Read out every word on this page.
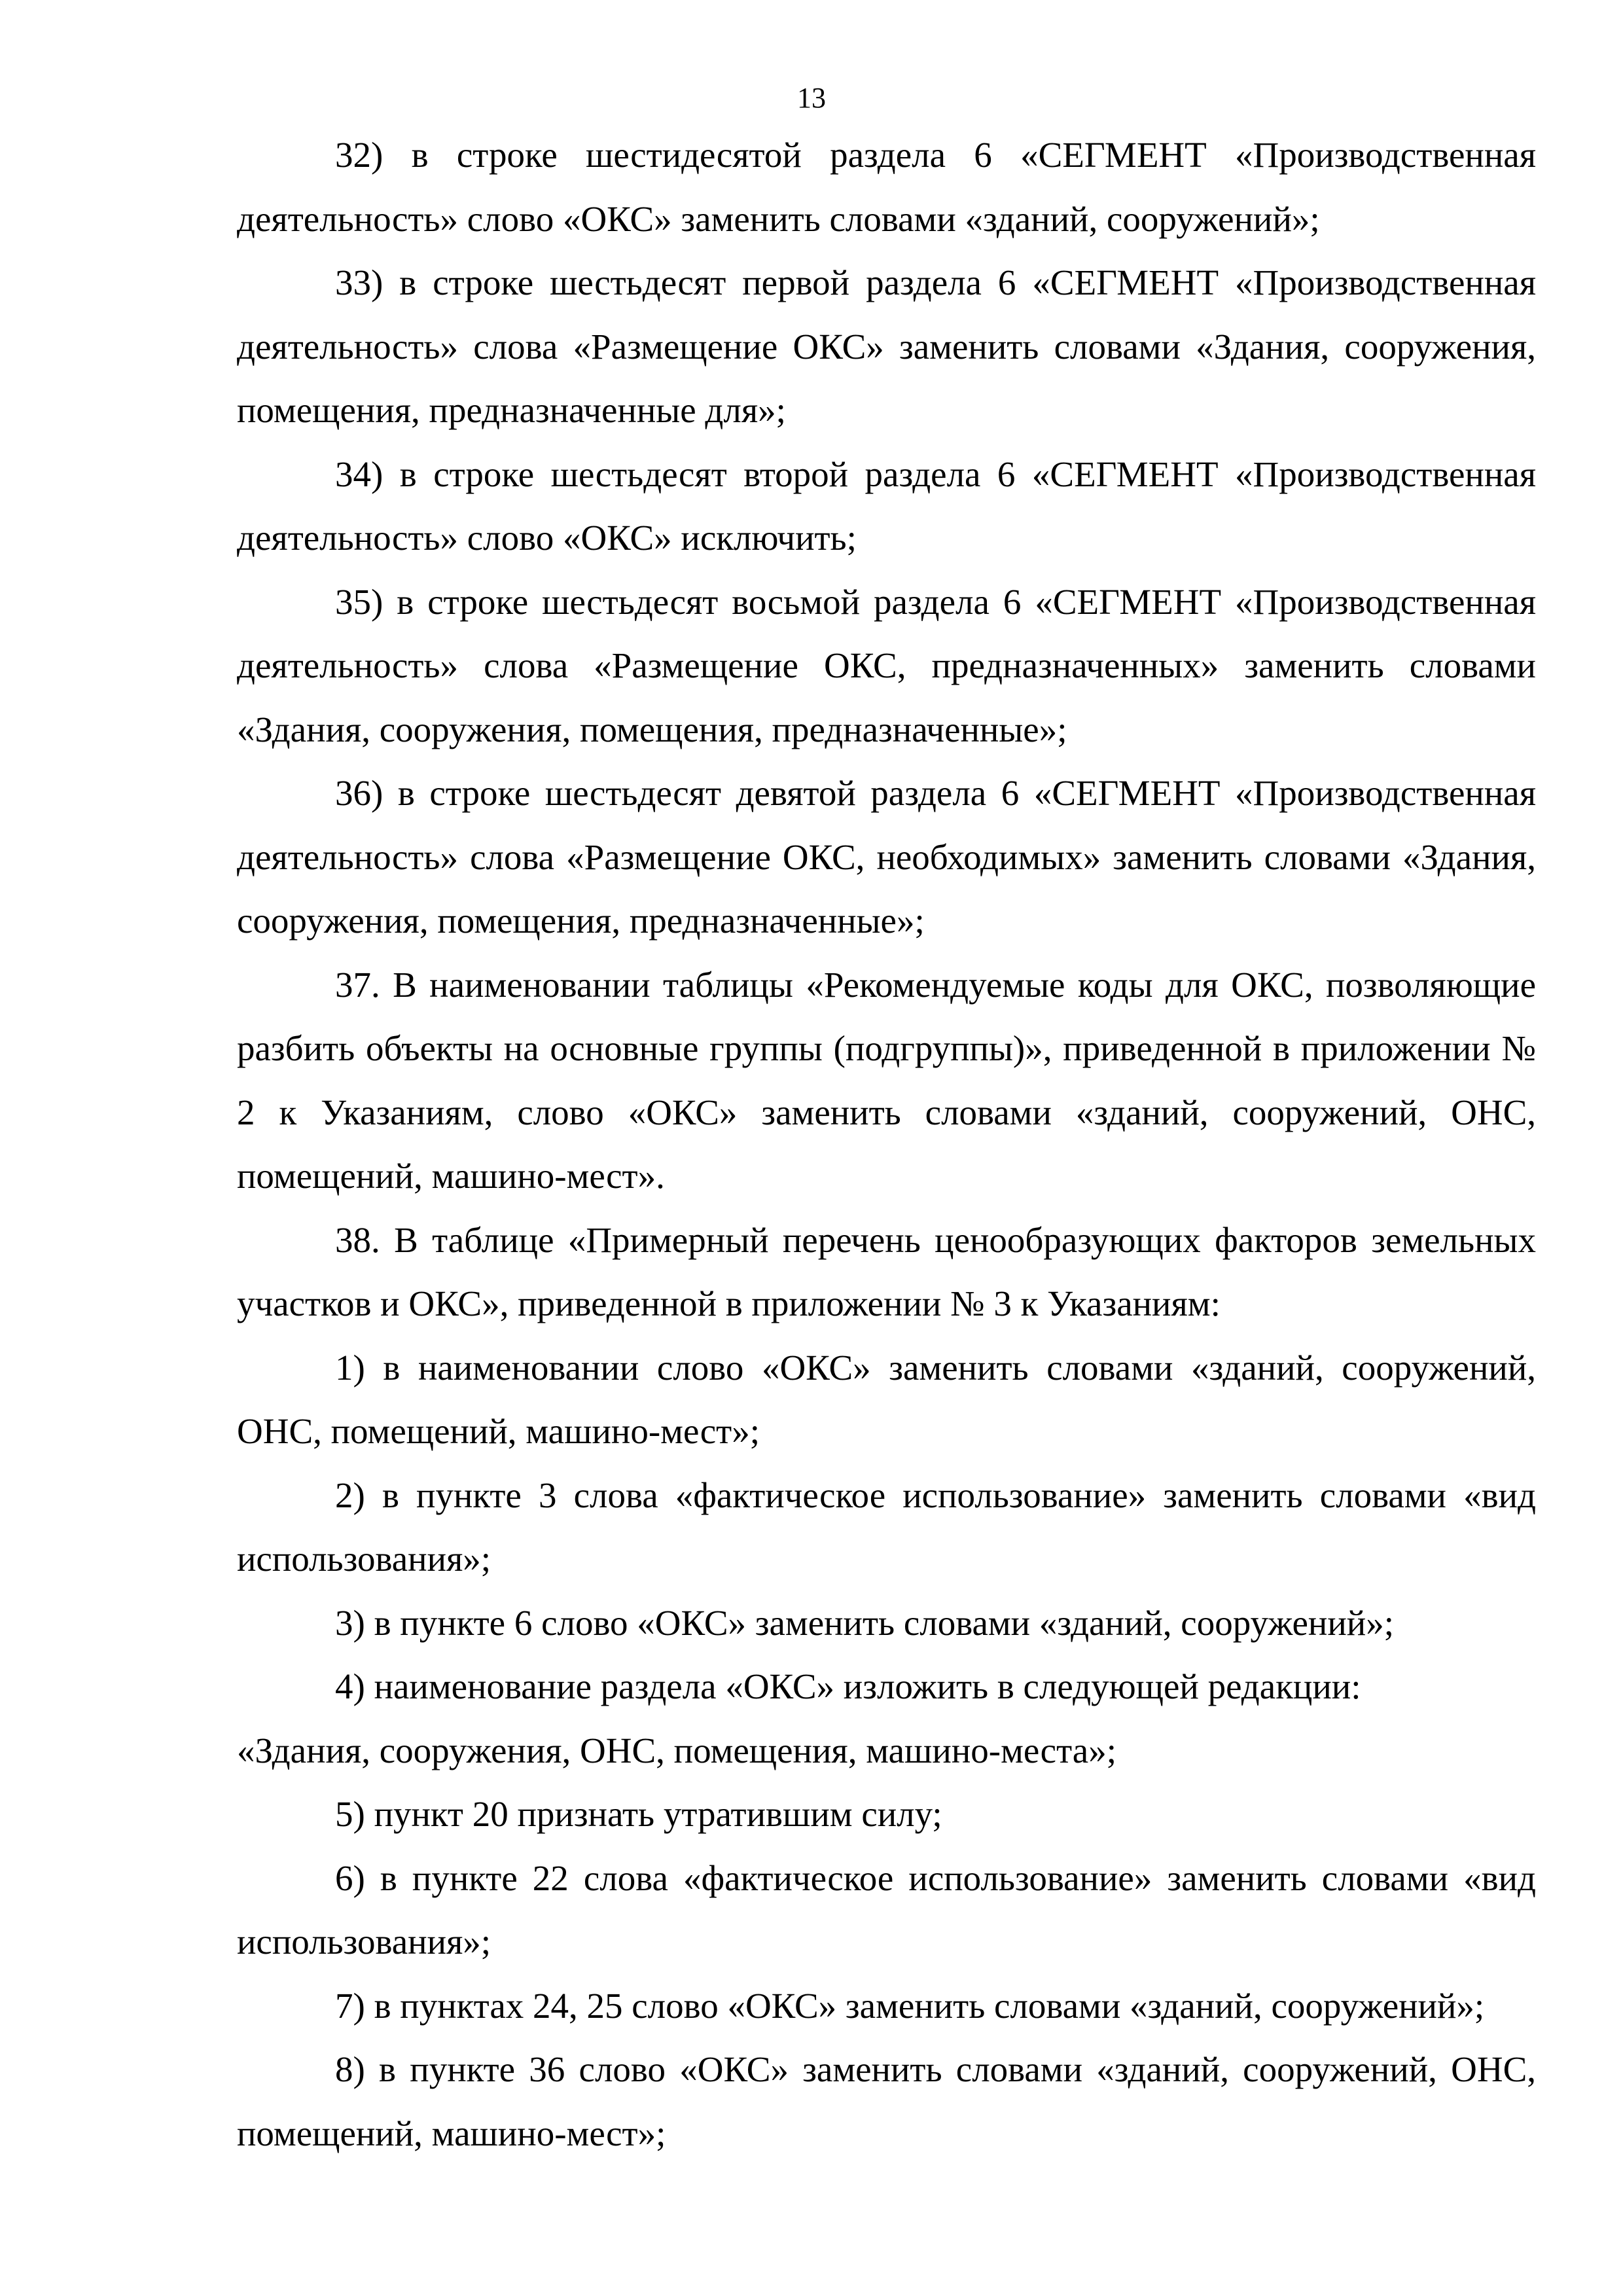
13

32) в строке шестидесятой раздела 6 «СЕГМЕНТ «Производственная деятельность» слово «ОКС» заменить словами «зданий, сооружений»;

33) в строке шестьдесят первой раздела 6 «СЕГМЕНТ «Производственная деятельность» слова «Размещение ОКС» заменить словами «Здания, сооружения, помещения, предназначенные для»;

34) в строке шестьдесят второй раздела 6 «СЕГМЕНТ «Производственная деятельность» слово «ОКС» исключить;

35) в строке шестьдесят восьмой раздела 6 «СЕГМЕНТ «Производственная деятельность» слова «Размещение ОКС, предназначенных» заменить словами «Здания, сооружения, помещения, предназначенные»;

36) в строке шестьдесят девятой раздела 6 «СЕГМЕНТ «Производственная деятельность» слова «Размещение ОКС, необходимых» заменить словами «Здания, сооружения, помещения, предназначенные»;

37. В наименовании таблицы «Рекомендуемые коды для ОКС, позволяющие разбить объекты на основные группы (подгруппы)», приведенной в приложении № 2 к Указаниям, слово «ОКС» заменить словами «зданий, сооружений, ОНС, помещений, машино-мест».

38. В таблице «Примерный перечень ценообразующих факторов земельных участков и ОКС», приведенной в приложении № 3 к Указаниям:

1) в наименовании слово «ОКС» заменить словами «зданий, сооружений, ОНС, помещений, машино-мест»;

2) в пункте 3 слова «фактическое использование» заменить словами «вид использования»;

3) в пункте 6 слово «ОКС» заменить словами «зданий, сооружений»;

4) наименование раздела «ОКС» изложить в следующей редакции:

«Здания, сооружения, ОНС, помещения, машино-места»;

5) пункт 20 признать утратившим силу;

6) в пункте 22 слова «фактическое использование» заменить словами «вид использования»;

7) в пунктах 24, 25 слово «ОКС» заменить словами «зданий, сооружений»;

8) в пункте 36 слово «ОКС» заменить словами «зданий, сооружений, ОНС, помещений, машино-мест»;
